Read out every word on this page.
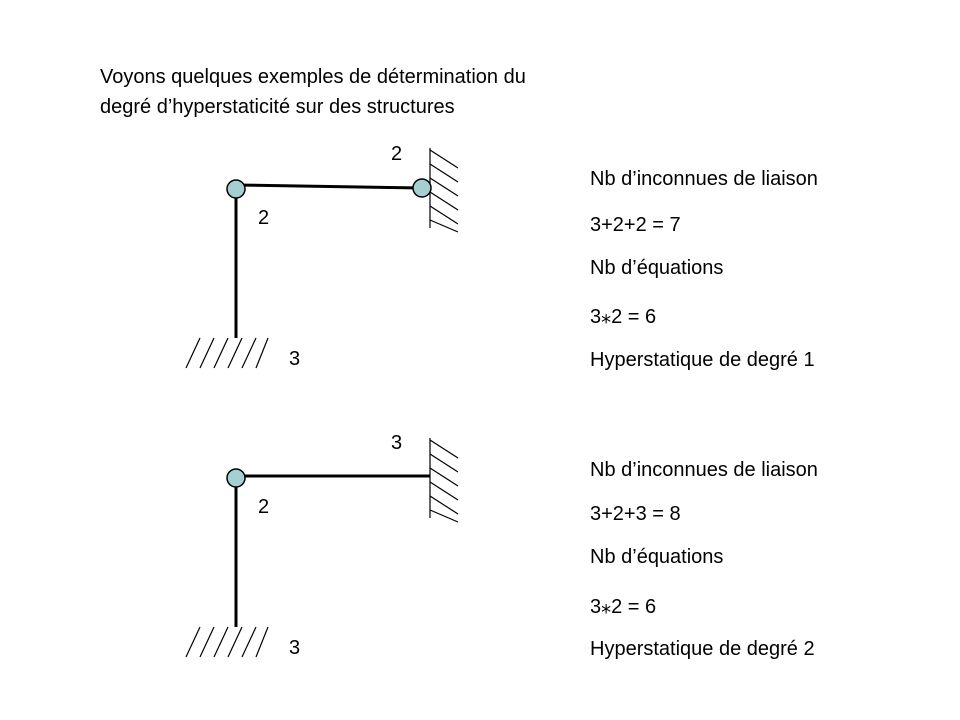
Voyons quelques exemples de détermination du
degré d’hyperstaticité sur des structures
2
2
3
Nb d’inconnues de liaison
3+2+2 = 7
Nb d’équations
3⁎2 = 6
Hyperstatique de degré 1
3
2
3
Nb d’inconnues de liaison
3+2+3 = 8
Nb d’équations
3⁎2 = 6
Hyperstatique de degré 2
